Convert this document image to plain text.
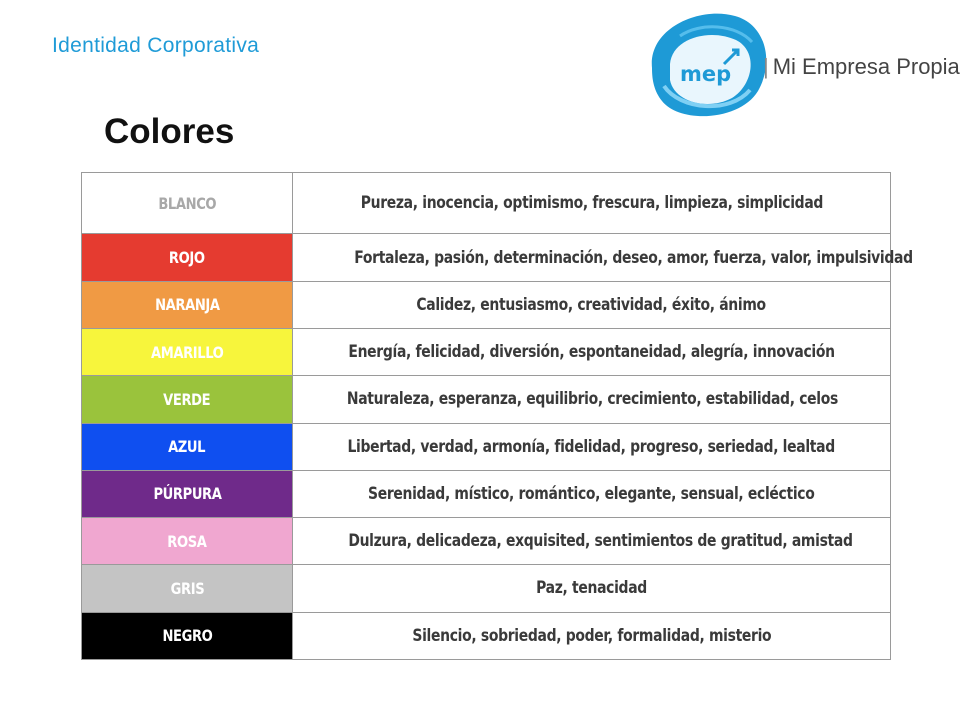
Identidad Corporativa
mep | Mi Empresa Propia
Colores
BLANCO	Pureza, inocencia, optimismo, frescura, limpieza, simplicidad
ROJO	Fortaleza, pasión, determinación, deseo, amor, fuerza, valor, impulsividad
NARANJA	Calidez, entusiasmo, creatividad, éxito, ánimo
AMARILLO	Energía, felicidad, diversión, espontaneidad, alegría, innovación
VERDE	Naturaleza, esperanza, equilibrio, crecimiento, estabilidad, celos
AZUL	Libertad, verdad, armonía, fidelidad, progreso, seriedad, lealtad
PÚRPURA	Serenidad, místico, romántico, elegante, sensual, ecléctico
ROSA	Dulzura, delicadeza, exquisited, sentimientos de gratitud, amistad
GRIS	Paz, tenacidad
NEGRO	Silencio, sobriedad, poder, formalidad, misterio
